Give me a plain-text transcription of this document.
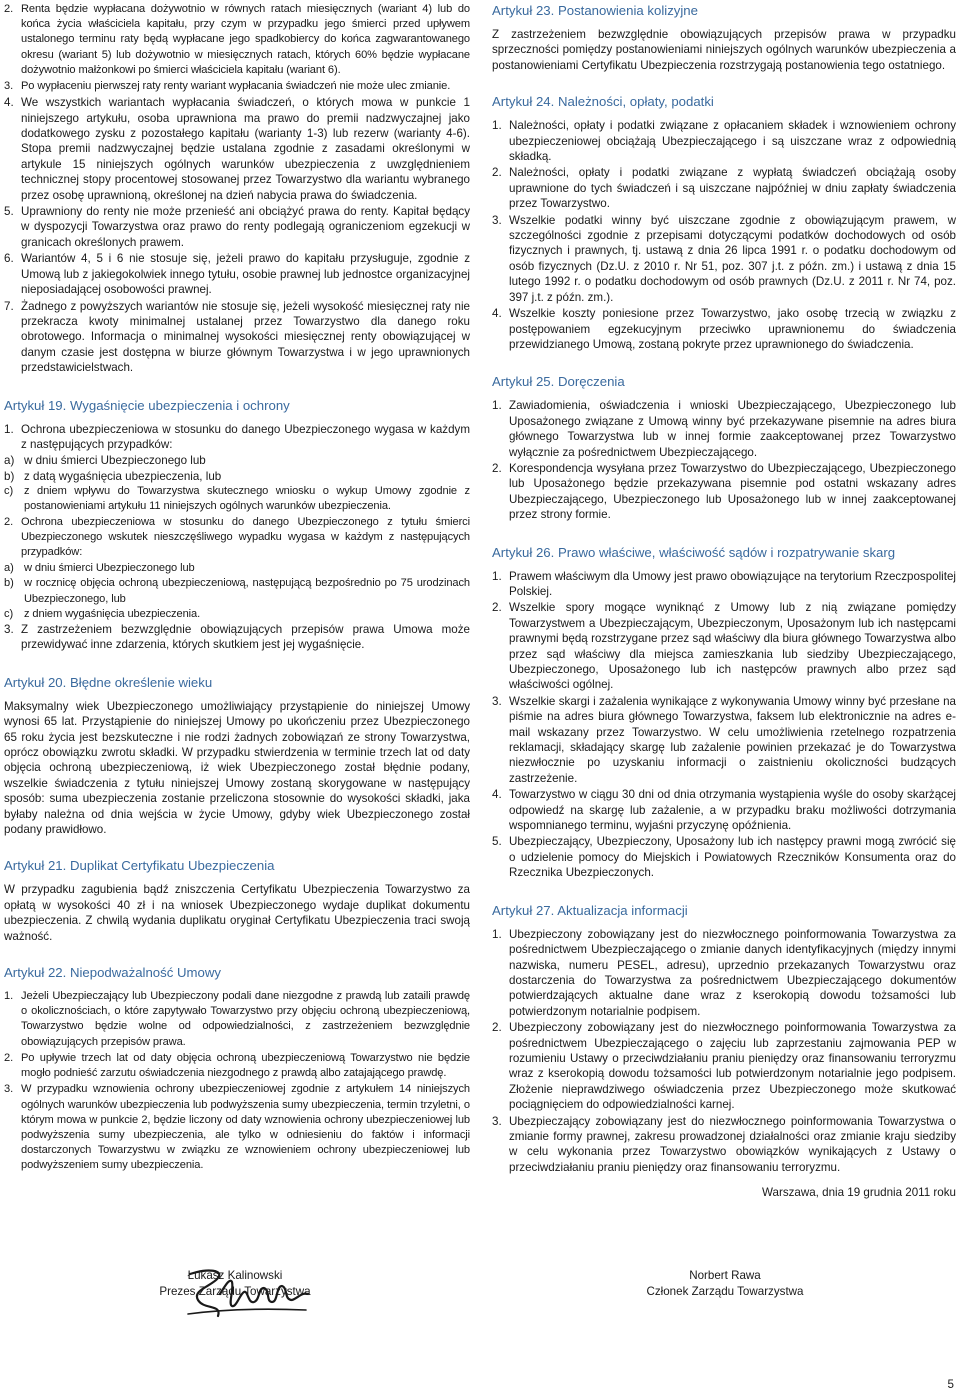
2. Renta będzie wypłacana dożywotnio w równych ratach miesięcznych (wariant 4) lub do końca życia właściciela kapitału, przy czym w przypadku jego śmierci przed upływem ustalonego terminu raty będą wypłacane jego spadkobiercy do końca zagwarantowanego okresu (wariant 5) lub dożywotnio w miesięcznych ratach, których 60% będzie wypłacane dożywotnio małżonkowi po śmierci właściciela kapitału (wariant 6).
3. Po wypłaceniu pierwszej raty renty wariant wypłacania świadczeń nie może ulec zmianie.
4. We wszystkich wariantach wypłacania świadczeń, o których mowa w punkcie 1 niniejszego artykułu, osoba uprawniona ma prawo do premii nadzwyczajnej jako dodatkowego zysku z pozostałego kapitału (warianty 1-3) lub rezerw (warianty 4-6). Stopa premii nadzwyczajnej będzie ustalana zgodnie z zasadami określonymi w artykule 15 niniejszych ogólnych warunków ubezpieczenia z uwzględnieniem technicznej stopy procentowej stosowanej przez Towarzystwo dla wariantu wybranego przez osobę uprawnioną, określonej na dzień nabycia prawa do świadczenia.
5. Uprawniony do renty nie może przenieść ani obciążyć prawa do renty. Kapitał będący w dyspozycji Towarzystwa oraz prawo do renty podlegają ograniczeniom egzekucji w granicach określonych prawem.
6. Wariantów 4, 5 i 6 nie stosuje się, jeżeli prawo do kapitału przysługuje, zgodnie z Umową lub z jakiegokolwiek innego tytułu, osobie prawnej lub jednostce organizacyjnej nieposiadającej osobowości prawnej.
7. Żadnego z powyższych wariantów nie stosuje się, jeżeli wysokość miesięcznej raty nie przekracza kwoty minimalnej ustalanej przez Towarzystwo dla danego roku obrotowego. Informacja o minimalnej wysokości miesięcznej renty obowiązującej w danym czasie jest dostępna w biurze głównym Towarzystwa i w jego uprawnionych przedstawicielstwach.
Artykuł 19. Wygaśnięcie ubezpieczenia i ochrony
1. Ochrona ubezpieczeniowa w stosunku do danego Ubezpieczonego wygasa w każdym z następujących przypadków:
a) w dniu śmierci Ubezpieczonego lub
b) z datą wygaśnięcia ubezpieczenia, lub
c) z dniem wpływu do Towarzystwa skutecznego wniosku o wykup Umowy zgodnie z postanowieniami artykułu 11 niniejszych ogólnych warunków ubezpieczenia.
2. Ochrona ubezpieczeniowa w stosunku do danego Ubezpieczonego z tytułu śmierci Ubezpieczonego wskutek nieszczęśliwego wypadku wygasa w każdym z następujących przypadków:
a) w dniu śmierci Ubezpieczonego lub
b) w rocznicę objęcia ochroną ubezpieczeniową, następującą bezpośrednio po 75 urodzinach Ubezpieczonego, lub
c) z dniem wygaśnięcia ubezpieczenia.
3. Z zastrzeżeniem bezwzględnie obowiązujących przepisów prawa Umowa może przewidywać inne zdarzenia, których skutkiem jest jej wygaśnięcie.
Artykuł 20. Błędne określenie wieku

Maksymalny wiek Ubezpieczonego umożliwiający przystąpienie do niniejszej Umowy wynosi 65 lat. Przystąpienie do niniejszej Umowy po ukończeniu przez Ubezpieczonego 65 roku życia jest bezskuteczne i nie rodzi żadnych zobowiązań ze strony Towarzystwa, oprócz obowiązku zwrotu składki. W przypadku stwierdzenia w terminie trzech lat od daty objęcia ochroną ubezpieczeniową, iż wiek Ubezpieczonego został błędnie podany, wszelkie świadczenia z tytułu niniejszej Umowy zostaną skorygowane w następujący sposób: suma ubezpieczenia zostanie przeliczona stosownie do wysokości składki, jaka byłaby należna od dnia wejścia w życie Umowy, gdyby wiek Ubezpieczonego został podany prawidłowo.

Artykuł 21. Duplikat Certyfikatu Ubezpieczenia

W przypadku zagubienia bądź zniszczenia Certyfikatu Ubezpieczenia Towarzystwo za opłatą w wysokości 40 zł i na wniosek Ubezpieczonego wydaje duplikat dokumentu ubezpieczenia. Z chwilą wydania duplikatu oryginał Certyfikatu Ubezpieczenia traci swoją ważność.

Artykuł 22. Niepodważalność Umowy
1. Jeżeli Ubezpieczający lub Ubezpieczony podali dane niezgodne z prawdą lub zatаili prawdę o okolicznościach, o które zapytywało Towarzystwo przy objęciu ochroną ubezpieczeniową, Towarzystwo będzie wolne od odpowiedzialności, z zastrzeżeniem bezwzględnie obowiązujących przepisów prawa.
2. Po upływie trzech lat od daty objęcia ochroną ubezpieczeniową Towarzystwo nie będzie mogło podnieść zarzutu oświadczenia niezgodnego z prawdą albo zatajającego prawdę.
3. W przypadku wznowienia ochrony ubezpieczeniowej zgodnie z artykułem 14 niniejszych ogólnych warunków ubezpieczenia lub podwyższenia sumy ubezpieczenia, termin trzyletni, o którym mowa w punkcie 2, będzie liczony od daty wznowienia ochrony ubezpieczeniowej lub podwyższenia sumy ubezpieczenia, ale tylko w odniesieniu do faktów i informacji dostarczonych Towarzystwu w związku ze wznowieniem ochrony ubezpieczeniowej lub podwyższeniem sumy ubezpieczenia.
Artykuł 23. Postanowienia kolizyjne

Z zastrzeżeniem bezwzględnie obowiązujących przepisów prawa w przypadku sprzeczności pomiędzy postanowieniami niniejszych ogólnych warunków ubezpieczenia a postanowieniami Certyfikatu Ubezpieczenia rozstrzygają postanowienia tego ostatniego.

Artykuł 24. Należności, opłaty, podatki
1. Należności, opłaty i podatki związane z opłacaniem składek i wznowieniem ochrony ubezpieczeniowej obciążają Ubezpieczającego i są uiszczane wraz z odpowiednią składką.
2. Należności, opłaty i podatki związane z wypłatą świadczeń obciążają osoby uprawnione do tych świadczeń i są uiszczane najpóźniej w dniu zapłaty świadczenia przez Towarzystwo.
3. Wszelkie podatki winny być uiszczane zgodnie z obowiązującym prawem, w szczególności zgodnie z przepisami dotyczącymi podatków dochodowych od osób fizycznych i prawnych, tj. ustawą z dnia 26 lipca 1991 r. o podatku dochodowym od osób fizycznych (Dz.U. z 2010 r. Nr 51, poz. 307 j.t. z późn. zm.) i ustawą z dnia 15 lutego 1992 r. o podatku dochodowym od osób prawnych (Dz.U. z 2011 r. Nr 74, poz. 397 j.t. z późn. zm.).
4. Wszelkie koszty poniesione przez Towarzystwo, jako osobę trzecią w związku z postępowaniem egzekucyjnym przeciwko uprawnionemu do świadczenia przewidzianego Umową, zostaną pokryte przez uprawnionego do świadczenia.
Artykuł 25. Doręczenia
1. Zawiadomienia, oświadczenia i wnioski Ubezpieczającego, Ubezpieczonego lub Uposażonego związane z Umową winny być przekazywane pisemnie na adres biura głównego Towarzystwa lub w innej formie zaakceptowanej przez Towarzystwo wyłącznie za pośrednictwem Ubezpieczającego.
2. Korespondencja wysyłana przez Towarzystwo do Ubezpieczającego, Ubezpieczonego lub Uposażonego będzie przekazywana pisemnie pod ostatni wskazany adres Ubezpieczającego, Ubezpieczonego lub Uposażonego lub w innej zaakceptowanej przez strony formie.
Artykuł 26. Prawo właściwe, właściwość sądów i rozpatrywanie skarg
1. Prawem właściwym dla Umowy jest prawo obowiązujące na terytorium Rzeczpospolitej Polskiej.
2. Wszelkie spory mogące wyniknąć z Umowy lub z nią związane pomiędzy Towarzystwem a Ubezpieczającym, Ubezpieczonym, Uposażonym lub ich następcami prawnymi będą rozstrzygane przez sąd właściwy dla biura głównego Towarzystwa albo przez sąd właściwy dla miejsca zamieszkania lub siedziby Ubezpieczającego, Ubezpieczonego, Uposażonego lub ich następców prawnych albo przez sąd właściwości ogólnej.
3. Wszelkie skargi i zażalenia wynikające z wykonywania Umowy winny być przesłane na piśmie na adres biura głównego Towarzystwa, faksem lub elektronicznie na adres e-mail wskazany przez Towarzystwo. W celu umożliwienia rzetelnego rozpatrzenia reklamacji, składający skargę lub zażalenie powinien przekazać je do Towarzystwa niezwłocznie po uzyskaniu informacji o zaistnieniu okoliczności budzących zastrzeżenie.
4. Towarzystwo w ciągu 30 dni od dnia otrzymania wystąpienia wyśle do osoby skarżącej odpowiedź na skargę lub zażalenie, a w przypadku braku możliwości dotrzymania wspomnianego terminu, wyjaśni przyczynę opóźnienia.
5. Ubezpieczający, Ubezpieczony, Uposażony lub ich następcy prawni mogą zwrócić się o udzielenie pomocy do Miejskich i Powiatowych Rzeczników Konsumenta oraz do Rzecznika Ubezpieczonych.
Artykuł 27. Aktualizacja informacji
1. Ubezpieczony zobowiązany jest do niezwłocznego poinformowania Towarzystwa za pośrednictwem Ubezpieczającego o zmianie danych identyfikacyjnych (między innymi nazwiska, numeru PESEL, adresu), uprzednio przekazanych Towarzystwu oraz dostarczenia do Towarzystwa za pośrednictwem Ubezpieczającego dokumentów potwierdzających aktualne dane wraz z kserokopią dowodu tożsamości lub potwierdzonym notarialnie podpisem.
2. Ubezpieczony zobowiązany jest do niezwłocznego poinformowania Towarzystwa za pośrednictwem Ubezpieczającego o zajęciu lub zaprzestaniu zajmowania PEP w rozumieniu Ustawy o przeciwdziałaniu praniu pieniędzy oraz finansowaniu terroryzmu wraz z kserokopią dowodu tożsamości lub potwierdzonym notarialnie jego podpisem. Złożenie nieprawdziwego oświadczenia przez Ubezpieczonego może skutkować pociągnięciem do odpowiedzialności karnej.
3. Ubezpieczający zobowiązany jest do niezwłocznego poinformowania Towarzystwa o zmianie formy prawnej, zakresu prowadzonej działalności oraz zmianie kraju siedziby w celu wykonania przez Towarzystwo obowiązków wynikających z Ustawy o przeciwdziałaniu praniu pieniędzy oraz finansowaniu terroryzmu.
Warszawa, dnia 19 grudnia 2011 roku
Łukasz Kalinowski
Prezes Zarządu Towarzystwa
Norbert Rawa
Członek Zarządu Towarzystwa
5
